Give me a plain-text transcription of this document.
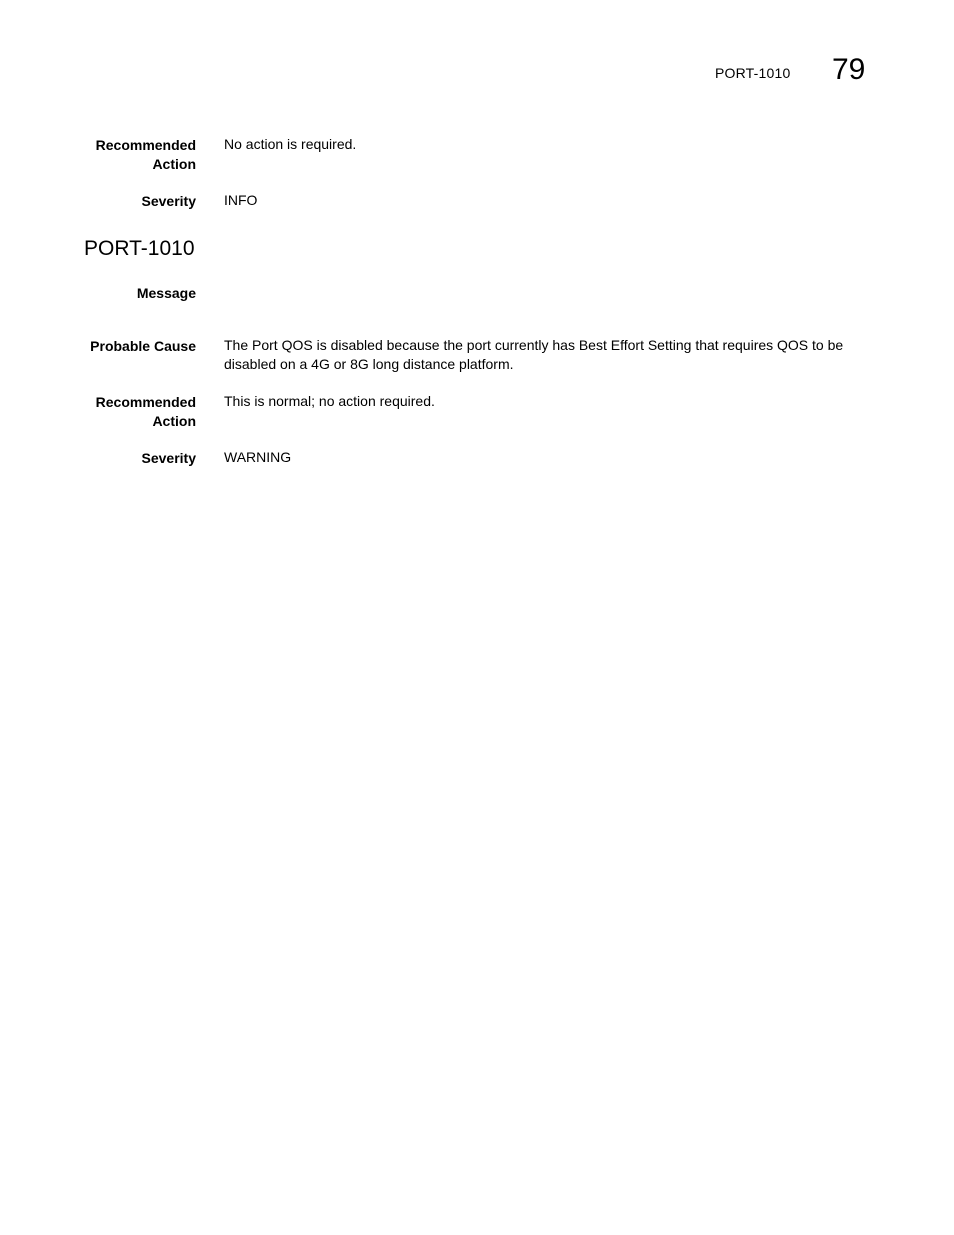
PORT-1010 79
Recommended Action
No action is required.
Severity INFO
PORT-1010
Message
Probable Cause The Port QOS is disabled because the port currently has Best Effort Setting that requires QOS to be disabled on a 4G or 8G long distance platform.
Recommended Action
This is normal; no action required.
Severity WARNING
